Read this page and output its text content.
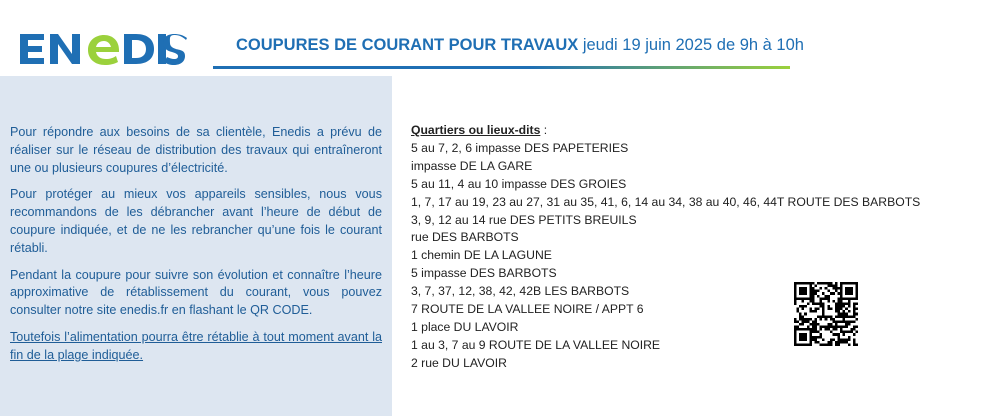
COUPURES DE COURANT POUR TRAVAUX jeudi 19 juin 2025 de 9h à 10h

Pour répondre aux besoins de sa clientèle, Enedis a prévu de réaliser sur le réseau de distribution des travaux qui entraîneront une ou plusieurs coupures d’électricité.

Pour protéger au mieux vos appareils sensibles, nous vous recommandons de les débrancher avant l’heure de début de coupure indiquée, et de ne les rebrancher qu’une fois le courant rétabli.

Pendant la coupure pour suivre son évolution et connaître l’heure approximative de rétablissement du courant, vous pouvez consulter notre site enedis.fr en flashant le QR CODE.

Toutefois l’alimentation pourra être rétablie à tout moment avant la fin de la plage indiquée.

Quartiers ou lieux-dits :
5 au 7, 2, 6 impasse DES PAPETERIES
impasse DE LA GARE
5 au 11, 4 au 10 impasse DES GROIES
1, 7, 17 au 19, 23 au 27, 31 au 35, 41, 6, 14 au 34, 38 au 40, 46, 44T ROUTE DES BARBOTS
3, 9, 12 au 14 rue DES PETITS BREUILS
rue DES BARBOTS
1 chemin DE LA LAGUNE
5 impasse DES BARBOTS
3, 7, 37, 12, 38, 42, 42B LES BARBOTS
7 ROUTE DE LA VALLEE NOIRE / APPT 6
1 place DU LAVOIR
1 au 3, 7 au 9 ROUTE DE LA VALLEE NOIRE
2 rue DU LAVOIR
